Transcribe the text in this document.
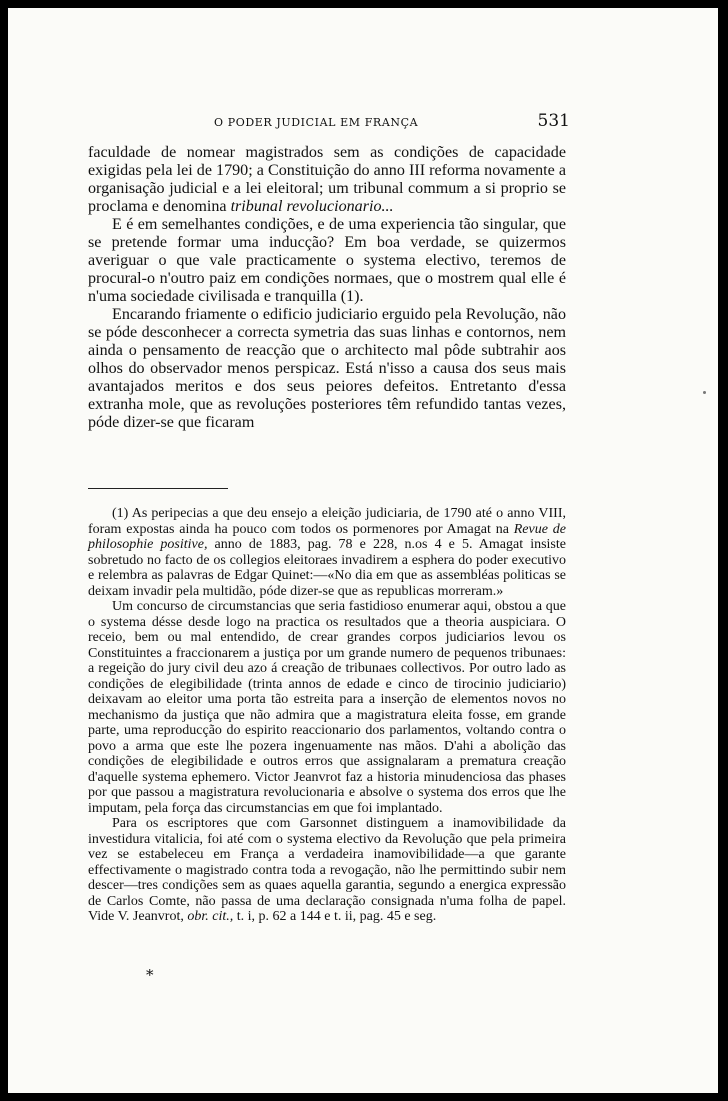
O PODER JUDICIAL EM FRANÇA	531

faculdade de nomear magistrados sem as condições de capacidade exigidas pela lei de 1790; a Constituição do anno III reforma novamente a organisação judicial e a lei eleitoral; um tribunal commum a si proprio se proclama e denomina tribunal revolucionario...

E é em semelhantes condições, e de uma experiencia tão singular, que se pretende formar uma inducção? Em boa verdade, se quizermos averiguar o que vale practicamente o systema electivo, teremos de procural-o n'outro paiz em condições normaes, que o mostrem qual elle é n'uma sociedade civilisada e tranquilla (1).

Encarando friamente o edificio judiciario erguido pela Revolução, não se póde desconhecer a correcta symetria das suas linhas e contornos, nem ainda o pensamento de reacção que o architecto mal pôde subtrahir aos olhos do observador menos perspicaz. Está n'isso a causa dos seus mais avantajados meritos e dos seus peiores defeitos. Entretanto d'essa extranha mole, que as revoluções posteriores têm refundido tantas vezes, póde dizer-se que ficaram

(1) As peripecias a que deu ensejo a eleição judiciaria, de 1790 até o anno VIII, foram expostas ainda ha pouco com todos os pormenores por Amagat na Revue de philosophie positive, anno de 1883, pag. 78 e 228, n.os 4 e 5. Amagat insiste sobretudo no facto de os collegios eleitoraes invadirem a esphera do poder executivo e relembra as palavras de Edgar Quinet:—«No dia em que as assembléas politicas se deixam invadir pela multidão, póde dizer-se que as republicas morreram.»

Um concurso de circumstancias que seria fastidioso enumerar aqui, obstou a que o systema désse desde logo na practica os resultados que a theoria auspiciara. O receio, bem ou mal entendido, de crear grandes corpos judiciarios levou os Constituintes a fraccionarem a justiça por um grande numero de pequenos tribunaes: a regeição do jury civil deu azo á creação de tribunaes collectivos. Por outro lado as condições de elegibilidade (trinta annos de edade e cinco de tirocinio judiciario) deixavam ao eleitor uma porta tão estreita para a inserção de elementos novos no mechanismo da justiça que não admira que a magistratura eleita fosse, em grande parte, uma reproducção do espirito reaccionario dos parlamentos, voltando contra o povo a arma que este lhe pozera ingenuamente nas mãos. D'ahi a abolição das condições de elegibilidade e outros erros que assignalaram a prematura creação d'aquelle systema ephemero. Victor Jeanvrot faz a historia minudenciosa das phases por que passou a magistratura revolucionaria e absolve o systema dos erros que lhe imputam, pela força das circumstancias em que foi implantado.

Para os escriptores que com Garsonnet distinguem a inamovibilidade da investidura vitalicia, foi até com o systema electivo da Revolução que pela primeira vez se estabeleceu em França a verdadeira inamovibilidade—a que garante effectivamente o magistrado contra toda a revogação, não lhe permittindo subir nem descer—tres condições sem as quaes aquella garantia, segundo a energica expressão de Carlos Comte, não passa de uma declaração consignada n'uma folha de papel. Vide V. Jeanvrot, obr. cit., t. i, p. 62 a 144 e t. ii, pag. 45 e seg.

*
